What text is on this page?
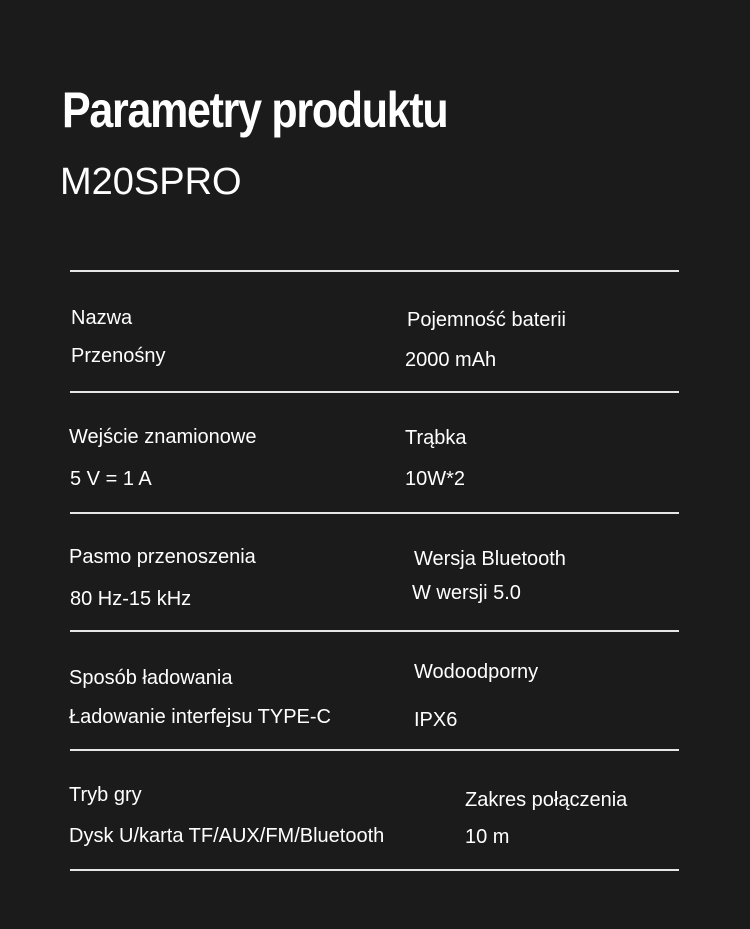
Parametry produktu
M20SPRO
Nazwa
Przenośny
Pojemność baterii
2000 mAh
Wejście znamionowe
5 V = 1 A
Trąbka
10W*2
Pasmo przenoszenia
80 Hz-15 kHz
Wersja Bluetooth
W wersji 5.0
Sposób ładowania
Ładowanie interfejsu TYPE-C
Wodoodporny
IPX6
Tryb gry
Dysk U/karta TF/AUX/FM/Bluetooth
Zakres połączenia
10 m
